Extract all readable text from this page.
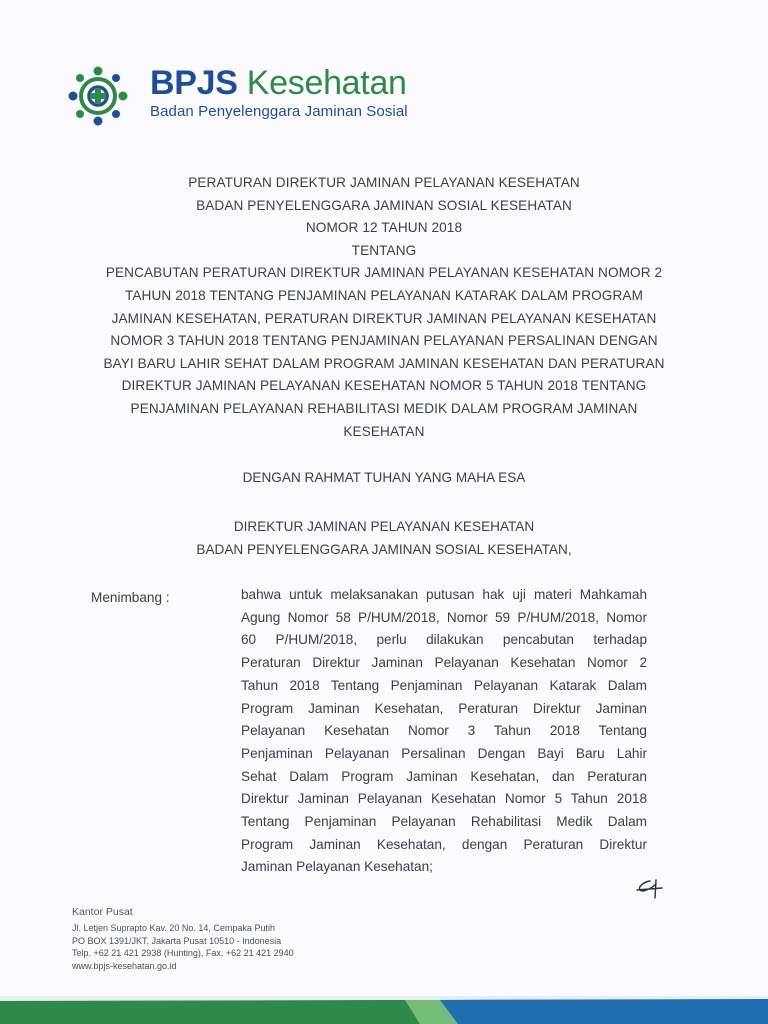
BPJS Kesehatan
Badan Penyelenggara Jaminan Sosial
PERATURAN DIREKTUR JAMINAN PELAYANAN KESEHATAN
BADAN PENYELENGGARA JAMINAN SOSIAL KESEHATAN
NOMOR 12 TAHUN 2018
TENTANG
PENCABUTAN PERATURAN DIREKTUR JAMINAN PELAYANAN KESEHATAN NOMOR 2
TAHUN 2018 TENTANG PENJAMINAN PELAYANAN KATARAK DALAM PROGRAM
JAMINAN KESEHATAN, PERATURAN DIREKTUR JAMINAN PELAYANAN KESEHATAN
NOMOR 3 TAHUN 2018 TENTANG PENJAMINAN PELAYANAN PERSALINAN DENGAN
BAYI BARU LAHIR SEHAT DALAM PROGRAM JAMINAN KESEHATAN DAN PERATURAN
DIREKTUR JAMINAN PELAYANAN KESEHATAN NOMOR 5 TAHUN 2018 TENTANG
PENJAMINAN PELAYANAN REHABILITASI MEDIK DALAM PROGRAM JAMINAN
KESEHATAN
DENGAN RAHMAT TUHAN YANG MAHA ESA
DIREKTUR JAMINAN PELAYANAN KESEHATAN
BADAN PENYELENGGARA JAMINAN SOSIAL KESEHATAN,
Menimbang :	bahwa untuk melaksanakan putusan hak uji materi Mahkamah
Agung Nomor 58 P/HUM/2018, Nomor 59 P/HUM/2018, Nomor
60 P/HUM/2018, perlu dilakukan pencabutan terhadap
Peraturan Direktur Jaminan Pelayanan Kesehatan Nomor 2
Tahun 2018 Tentang Penjaminan Pelayanan Katarak Dalam
Program Jaminan Kesehatan, Peraturan Direktur Jaminan
Pelayanan Kesehatan Nomor 3 Tahun 2018 Tentang
Penjaminan Pelayanan Persalinan Dengan Bayi Baru Lahir
Sehat Dalam Program Jaminan Kesehatan, dan Peraturan
Direktur Jaminan Pelayanan Kesehatan Nomor 5 Tahun 2018
Tentang Penjaminan Pelayanan Rehabilitasi Medik Dalam
Program Jaminan Kesehatan, dengan Peraturan Direktur
Jaminan Pelayanan Kesehatan;
Kantor Pusat
Jl. Letjen Suprapto Kav. 20 No. 14, Cempaka Putih
PO BOX 1391/JKT, Jakarta Pusat 10510 - Indonesia
Telp. +62 21 421 2938 (Hunting), Fax. +62 21 421 2940
www.bpjs-kesehatan.go.id
